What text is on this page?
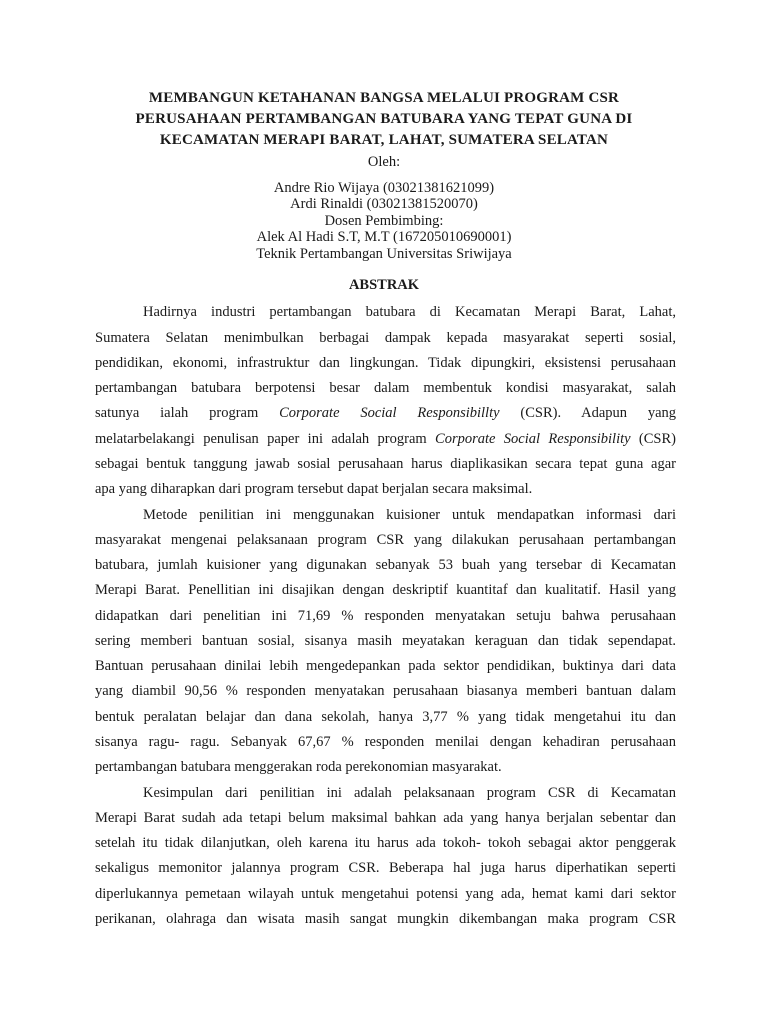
MEMBANGUN KETAHANAN BANGSA MELALUI PROGRAM CSR
PERUSAHAAN PERTAMBANGAN BATUBARA YANG TEPAT GUNA DI
KECAMATAN MERAPI BARAT, LAHAT, SUMATERA SELATAN
Oleh:
Andre Rio Wijaya (03021381621099)
Ardi Rinaldi (03021381520070)
Dosen Pembimbing:
Alek Al Hadi S.T, M.T (167205010690001)
Teknik Pertambangan Universitas Sriwijaya
ABSTRAK
Hadirnya industri pertambangan batubara di Kecamatan Merapi Barat, Lahat,
Sumatera Selatan menimbulkan berbagai dampak kepada masyarakat seperti sosial,
pendidikan, ekonomi, infrastruktur dan lingkungan. Tidak dipungkiri, eksistensi perusahaan
pertambangan batubara berpotensi besar dalam membentuk kondisi masyarakat, salah
satunya ialah program Corporate Social Responsibillty (CSR). Adapun yang
melatarbelakangi penulisan paper ini adalah program Corporate Social Responsibility (CSR)
sebagai bentuk tanggung jawab sosial perusahaan harus diaplikasikan secara tepat guna agar
apa yang diharapkan dari program tersebut dapat berjalan secara maksimal.
Metode penilitian ini menggunakan kuisioner untuk mendapatkan informasi dari
masyarakat mengenai pelaksanaan program CSR yang dilakukan perusahaan pertambangan
batubara, jumlah kuisioner yang digunakan sebanyak 53 buah yang tersebar di Kecamatan
Merapi Barat. Penellitian ini disajikan dengan deskriptif kuantitaf dan kualitatif. Hasil yang
didapatkan dari penelitian ini 71,69 % responden menyatakan setuju bahwa perusahaan
sering memberi bantuan sosial, sisanya masih meyatakan keraguan dan tidak sependapat.
Bantuan perusahaan dinilai lebih mengedepankan pada sektor pendidikan, buktinya dari data
yang diambil 90,56 % responden menyatakan perusahaan biasanya memberi bantuan dalam
bentuk peralatan belajar dan dana sekolah, hanya 3,77 % yang tidak mengetahui itu dan
sisanya ragu- ragu. Sebanyak 67,67 % responden menilai dengan kehadiran perusahaan
pertambangan batubara menggerakan roda perekonomian masyarakat.
Kesimpulan dari penilitian ini adalah pelaksanaan program CSR di Kecamatan
Merapi Barat sudah ada tetapi belum maksimal bahkan ada yang hanya berjalan sebentar dan
setelah itu tidak dilanjutkan, oleh karena itu harus ada tokoh- tokoh sebagai aktor penggerak
sekaligus memonitor jalannya program CSR. Beberapa hal juga harus diperhatikan seperti
diperlukannya pemetaan wilayah untuk mengetahui potensi yang ada, hemat kami dari sektor
perikanan, olahraga dan wisata masih sangat mungkin dikembangan maka program CSR
